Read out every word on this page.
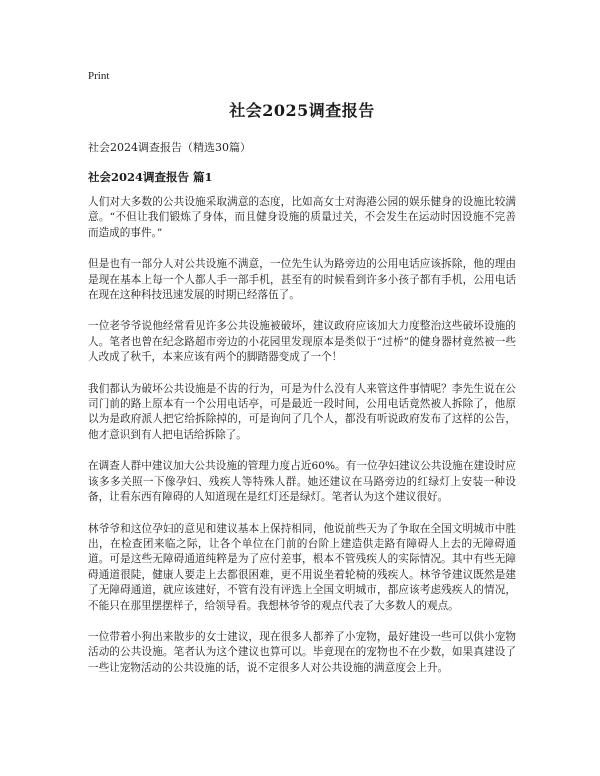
Print
社会2025调查报告
社会2024调查报告（精选30篇）
社会2024调查报告 篇1

人们对大多数的公共设施采取满意的态度，比如高女士对海港公园的娱乐健身的设施比较满意。“不但让我们锻炼了身体，而且健身设施的质量过关，不会发生在运动时因设施不完善而造成的事件。”

但是也有一部分人对公共设施不满意，一位先生认为路旁边的公用电话应该拆除，他的理由是现在基本上每一个人都人手一部手机，甚至有的时候看到许多小孩子都有手机，公用电话在现在这种科技迅速发展的时期已经落伍了。

一位老爷爷说他经常看见许多公共设施被破坏，建议政府应该加大力度整治这些破坏设施的人。笔者也曾在纪念路超市旁边的小花园里发现原本是类似于“过桥”的健身器材竟然被一些人改成了秋千，本来应该有两个的脚踏器变成了一个！

我们都认为破坏公共设施是不齿的行为，可是为什么没有人来管这件事情呢？李先生说在公司门前的路上原本有一个公用电话亭，可是最近一段时间，公用电话竟然被人拆除了，他原以为是政府派人把它给拆除掉的，可是询问了几个人，都没有听说政府发布了这样的公告，他才意识到有人把电话给拆除了。

在调查人群中建议加大公共设施的管理力度占近60%。有一位孕妇建议公共设施在建设时应该多多关照一下像孕妇、残疾人等特殊人群。她还建议在马路旁边的红绿灯上安装一种设备，让看东西有障碍的人知道现在是红灯还是绿灯。笔者认为这个建议很好。

林爷爷和这位孕妇的意见和建议基本上保持相同，他说前些天为了争取在全国文明城市中胜出，在检查团来临之际，让各个单位在门前的台阶上建造供走路有障碍人上去的无障碍通道。可是这些无障碍通道纯粹是为了应付差事，根本不管残疾人的实际情况。其中有些无障碍通道很陡，健康人要走上去都很困难，更不用说坐着轮椅的残疾人。林爷爷建议既然是建了无障碍通道，就应该建好，不管有没有评选上全国文明城市，都应该考虑残疾人的情况，不能只在那里摆摆样子，给领导看。我想林爷爷的观点代表了大多数人的观点。

一位带着小狗出来散步的女士建议，现在很多人都养了小宠物，最好建设一些可以供小宠物活动的公共设施。笔者认为这个建议也算可以。毕竟现在的宠物也不在少数，如果真建设了一些让宠物活动的公共设施的话，说不定很多人对公共设施的满意度会上升。
